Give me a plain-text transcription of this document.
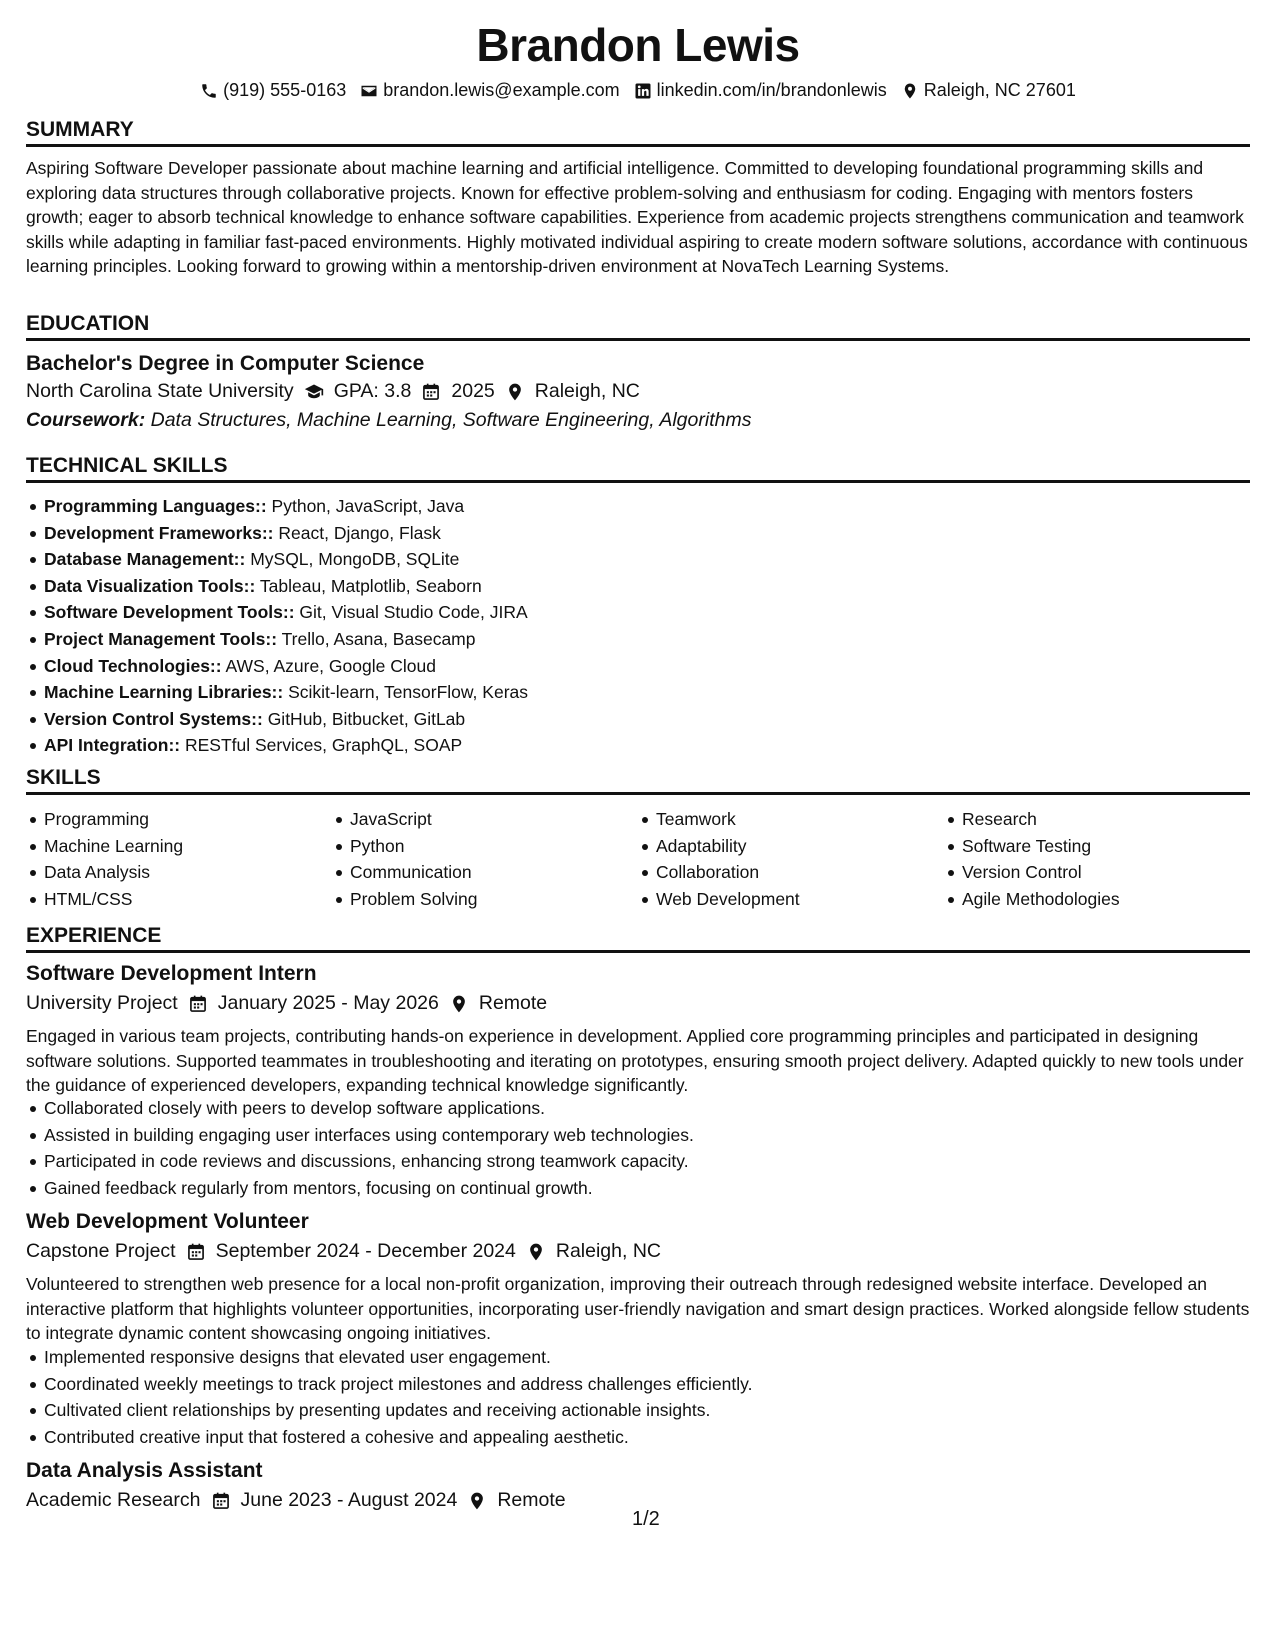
Brandon Lewis
(919) 555-0163 brandon.lewis@example.com linkedin.com/in/brandonlewis Raleigh, NC 27601
SUMMARY
Aspiring Software Developer passionate about machine learning and artificial intelligence. Committed to developing foundational programming skills and exploring data structures through collaborative projects. Known for effective problem-solving and enthusiasm for coding. Engaging with mentors fosters growth; eager to absorb technical knowledge to enhance software capabilities. Experience from academic projects strengthens communication and teamwork skills while adapting in familiar fast-paced environments. Highly motivated individual aspiring to create modern software solutions, accordance with continuous learning principles. Looking forward to growing within a mentorship-driven environment at NovaTech Learning Systems.
EDUCATION
Bachelor's Degree in Computer Science
North Carolina State University GPA: 3.8 2025 Raleigh, NC
Coursework: Data Structures, Machine Learning, Software Engineering, Algorithms
TECHNICAL SKILLS
Programming Languages:: Python, JavaScript, Java
Development Frameworks:: React, Django, Flask
Database Management:: MySQL, MongoDB, SQLite
Data Visualization Tools:: Tableau, Matplotlib, Seaborn
Software Development Tools:: Git, Visual Studio Code, JIRA
Project Management Tools:: Trello, Asana, Basecamp
Cloud Technologies:: AWS, Azure, Google Cloud
Machine Learning Libraries:: Scikit-learn, TensorFlow, Keras
Version Control Systems:: GitHub, Bitbucket, GitLab
API Integration:: RESTful Services, GraphQL, SOAP
SKILLS
Programming
Machine Learning
Data Analysis
HTML/CSS
JavaScript
Python
Communication
Problem Solving
Teamwork
Adaptability
Collaboration
Web Development
Research
Software Testing
Version Control
Agile Methodologies
EXPERIENCE
Software Development Intern
University Project January 2025 - May 2026 Remote
Engaged in various team projects, contributing hands-on experience in development. Applied core programming principles and participated in designing software solutions. Supported teammates in troubleshooting and iterating on prototypes, ensuring smooth project delivery. Adapted quickly to new tools under the guidance of experienced developers, expanding technical knowledge significantly.
Collaborated closely with peers to develop software applications.
Assisted in building engaging user interfaces using contemporary web technologies.
Participated in code reviews and discussions, enhancing strong teamwork capacity.
Gained feedback regularly from mentors, focusing on continual growth.
Web Development Volunteer
Capstone Project September 2024 - December 2024 Raleigh, NC
Volunteered to strengthen web presence for a local non-profit organization, improving their outreach through redesigned website interface. Developed an interactive platform that highlights volunteer opportunities, incorporating user-friendly navigation and smart design practices. Worked alongside fellow students to integrate dynamic content showcasing ongoing initiatives.
Implemented responsive designs that elevated user engagement.
Coordinated weekly meetings to track project milestones and address challenges efficiently.
Cultivated client relationships by presenting updates and receiving actionable insights.
Contributed creative input that fostered a cohesive and appealing aesthetic.
Data Analysis Assistant
Academic Research June 2023 - August 2024 Remote
1/2
